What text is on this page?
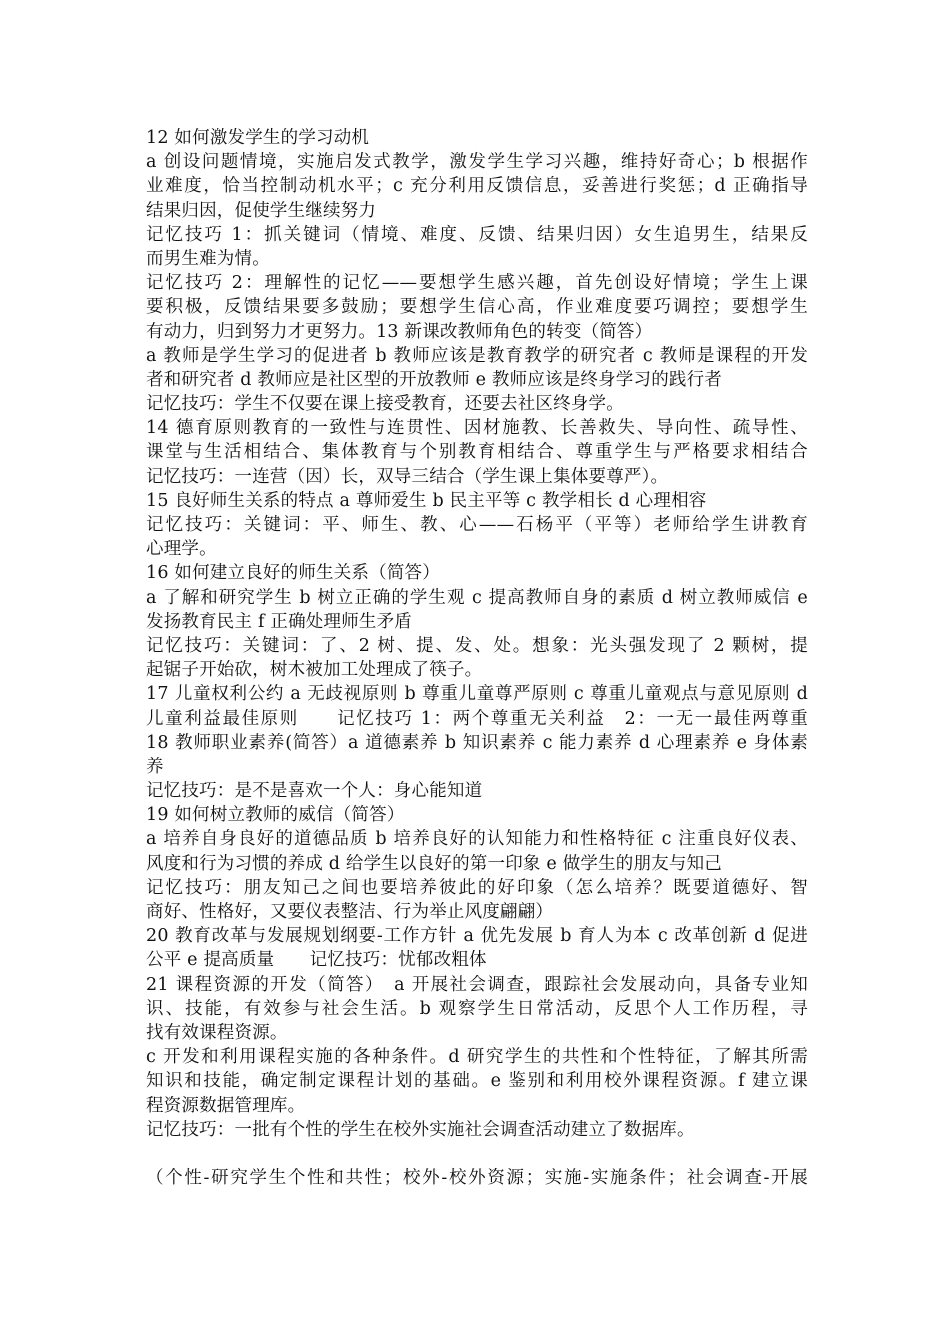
12 如何激发学生的学习动机
a 创设问题情境，实施启发式教学，激发学生学习兴趣，维持好奇心；b 根据作
业难度，恰当控制动机水平；c 充分利用反馈信息，妥善进行奖惩；d 正确指导
结果归因，促使学生继续努力
记忆技巧 1：抓关键词（情境、难度、反馈、结果归因）女生追男生，结果反
而男生难为情。
记忆技巧 2：理解性的记忆——要想学生感兴趣，首先创设好情境；学生上课
要积极，反馈结果要多鼓励；要想学生信心高，作业难度要巧调控；要想学生
有动力，归到努力才更努力。13 新课改教师角色的转变（简答）
a 教师是学生学习的促进者 b 教师应该是教育教学的研究者 c 教师是课程的开发
者和研究者 d 教师应是社区型的开放教师 e 教师应该是终身学习的践行者
记忆技巧：学生不仅要在课上接受教育，还要去社区终身学。
14 德育原则教育的一致性与连贯性、因材施教、长善救失、导向性、疏导性、
课堂与生活相结合、集体教育与个别教育相结合、尊重学生与严格要求相结合
记忆技巧：一连营（因）长，双导三结合（学生课上集体要尊严）。
15 良好师生关系的特点 a 尊师爱生 b 民主平等 c 教学相长 d 心理相容
记忆技巧：关键词：平、师生、教、心——石杨平（平等）老师给学生讲教育
心理学。
16 如何建立良好的师生关系（简答）
a 了解和研究学生 b 树立正确的学生观 c 提高教师自身的素质 d 树立教师威信 e
发扬教育民主 f 正确处理师生矛盾
记忆技巧：关键词：了、2 树、提、发、处。想象：光头强发现了 2 颗树，提
起锯子开始砍，树木被加工处理成了筷子。
17 儿童权利公约 a 无歧视原则 b 尊重儿童尊严原则 c 尊重儿童观点与意见原则 d
儿童利益最佳原则　　记忆技巧 1：两个尊重无关利益　2：一无一最佳两尊重
18 教师职业素养(简答）a 道德素养 b 知识素养 c 能力素养 d 心理素养 e 身体素
养
记忆技巧：是不是喜欢一个人：身心能知道
19 如何树立教师的威信（简答）
a 培养自身良好的道德品质 b 培养良好的认知能力和性格特征 c 注重良好仪表、
风度和行为习惯的养成 d 给学生以良好的第一印象 e 做学生的朋友与知己
记忆技巧：朋友知己之间也要培养彼此的好印象（怎么培养？既要道德好、智
商好、性格好，又要仪表整洁、行为举止风度翩翩）
20 教育改革与发展规划纲要-工作方针 a 优先发展 b 育人为本 c 改革创新 d 促进
公平 e 提高质量　　记忆技巧：忧郁改粗体
21 课程资源的开发（简答）　a 开展社会调查，跟踪社会发展动向，具备专业知
识、技能，有效参与社会生活。b 观察学生日常活动，反思个人工作历程，寻
找有效课程资源。
c 开发和利用课程实施的各种条件。d 研究学生的共性和个性特征，了解其所需
知识和技能，确定制定课程计划的基础。e 鉴别和利用校外课程资源。f 建立课
程资源数据管理库。
记忆技巧：一批有个性的学生在校外实施社会调查活动建立了数据库。
（个性-研究学生个性和共性；校外-校外资源；实施-实施条件；社会调查-开展
